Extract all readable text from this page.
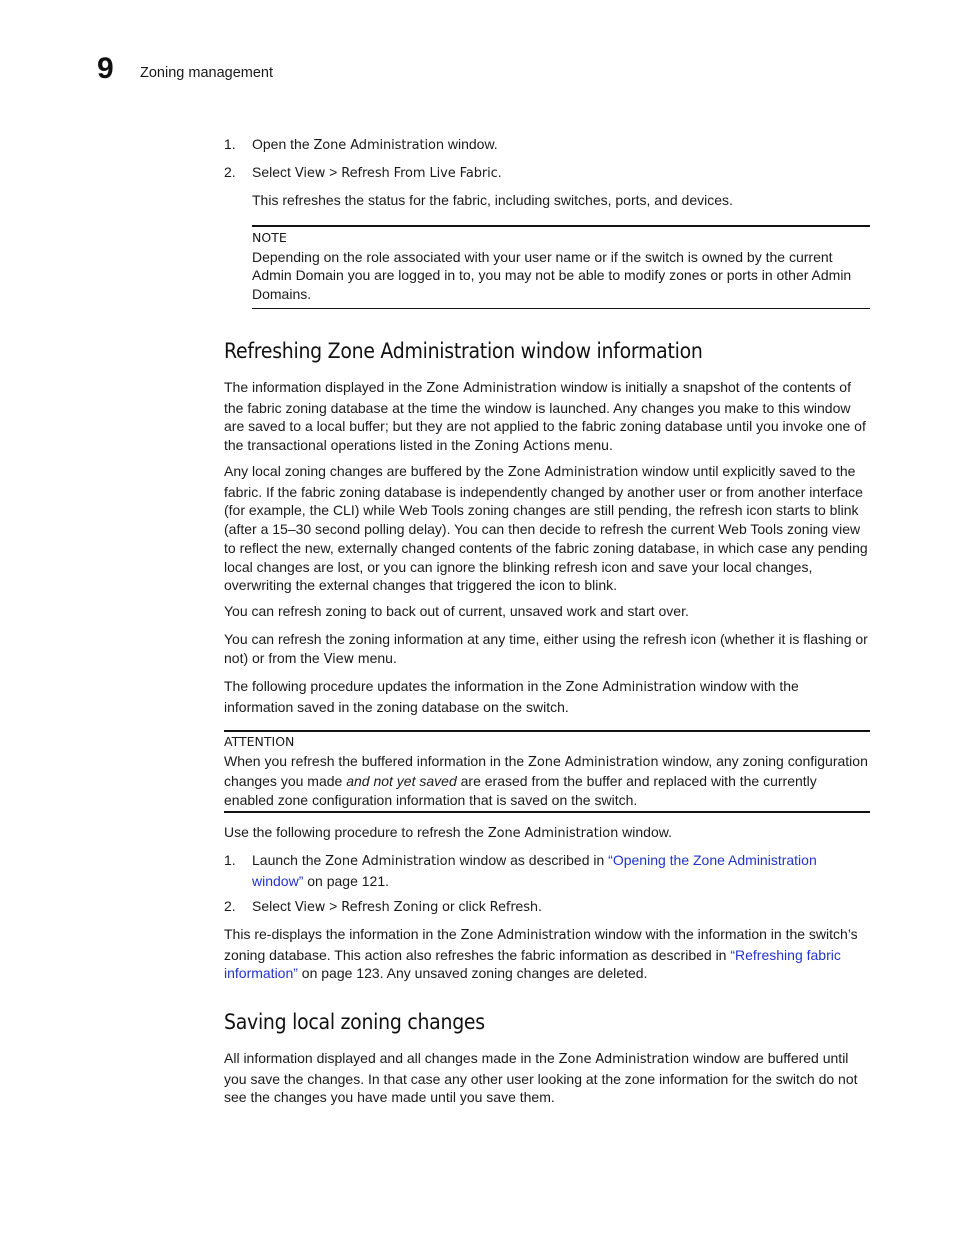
9 Zoning management
1. Open the Zone Administration window.
2. Select View > Refresh From Live Fabric.

This refreshes the status for the fabric, including switches, ports, and devices.

NOTE

Depending on the role associated with your user name or if the switch is owned by the current Admin Domain you are logged in to, you may not be able to modify zones or ports in other Admin Domains.

Refreshing Zone Administration window information

The information displayed in the Zone Administration window is initially a snapshot of the contents of the fabric zoning database at the time the window is launched. Any changes you make to this window are saved to a local buffer; but they are not applied to the fabric zoning database until you invoke one of the transactional operations listed in the Zoning Actions menu.

Any local zoning changes are buffered by the Zone Administration window until explicitly saved to the fabric. If the fabric zoning database is independently changed by another user or from another interface (for example, the CLI) while Web Tools zoning changes are still pending, the refresh icon starts to blink (after a 15–30 second polling delay). You can then decide to refresh the current Web Tools zoning view to reflect the new, externally changed contents of the fabric zoning database, in which case any pending local changes are lost, or you can ignore the blinking refresh icon and save your local changes, overwriting the external changes that triggered the icon to blink.

You can refresh zoning to back out of current, unsaved work and start over.

You can refresh the zoning information at any time, either using the refresh icon (whether it is flashing or not) or from the View menu.

The following procedure updates the information in the Zone Administration window with the information saved in the zoning database on the switch.

ATTENTION

When you refresh the buffered information in the Zone Administration window, any zoning configuration changes you made and not yet saved are erased from the buffer and replaced with the currently enabled zone configuration information that is saved on the switch.

Use the following procedure to refresh the Zone Administration window.

1. Launch the Zone Administration window as described in “Opening the Zone Administration window” on page 121.
2. Select View > Refresh Zoning or click Refresh.

This re-displays the information in the Zone Administration window with the information in the switch’s zoning database. This action also refreshes the fabric information as described in “Refreshing fabric information” on page 123. Any unsaved zoning changes are deleted.

Saving local zoning changes

All information displayed and all changes made in the Zone Administration window are buffered until you save the changes. In that case any other user looking at the zone information for the switch do not see the changes you have made until you save them.
